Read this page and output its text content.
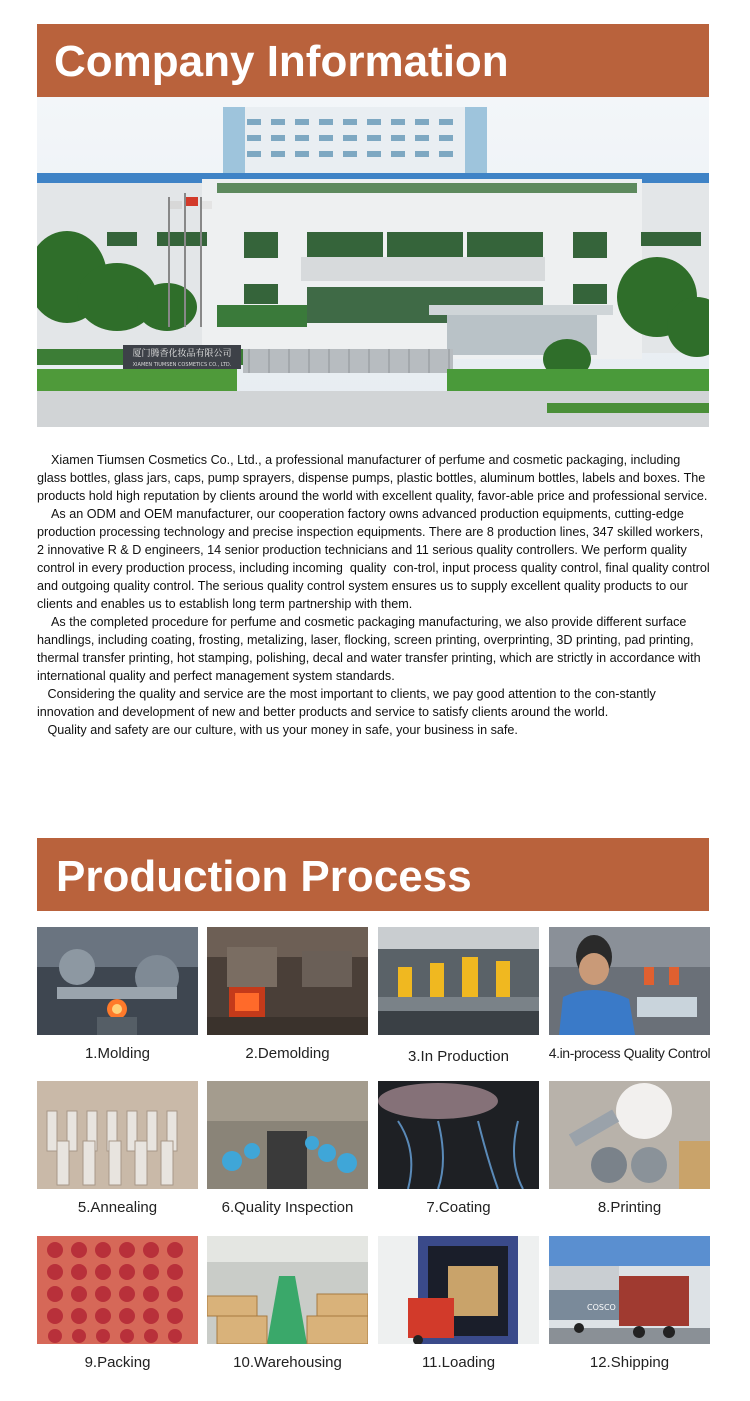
Company Information
厦门腾香化妆品有限公司
XIAMEN TIUMSEN COSMETICS CO., LTD.

Xiamen Tiumsen Cosmetics Co., Ltd., a professional manufacturer of perfume and cosmetic packaging, including glass bottles, glass jars, caps, pump sprayers, dispense pumps, plastic bottles, aluminum bottles, labels and boxes. The products hold high reputation by clients around the world with excellent quality, favor-able price and professional service.

As an ODM and OEM manufacturer, our cooperation factory owns advanced production equipments, cutting-edge production processing technology and precise inspection equipments. There are 8 production lines, 347 skilled workers, 2 innovative R & D engineers, 14 senior production technicians and 11 serious quality controllers. We perform quality control in every production process, including incoming  quality  con-trol, input process quality control, final quality control and outgoing quality control. The serious quality control system ensures us to supply excellent quality products to our clients and enables us to establish long term partnership with them.

As the completed procedure for perfume and cosmetic packaging manufacturing, we also provide different surface handlings, including coating, frosting, metalizing, laser, flocking, screen printing, overprinting, 3D printing, pad printing, thermal transfer printing, hot stamping, polishing, decal and water transfer printing, which are strictly in accordance with international quality and perfect management system standards.

Considering the quality and service are the most important to clients, we pay good attention to the con-stantly innovation and development of new and better products and service to satisfy clients around the world.

Quality and safety are our culture, with us your money in safe, your business in safe.

Production Process
1.Molding	2.Demolding	3.In Production	4.in-process Quality Control
5.Annealing	6.Quality Inspection	7.Coating	8.Printing
9.Packing	10.Warehousing	11.Loading
COSCO
12.Shipping
